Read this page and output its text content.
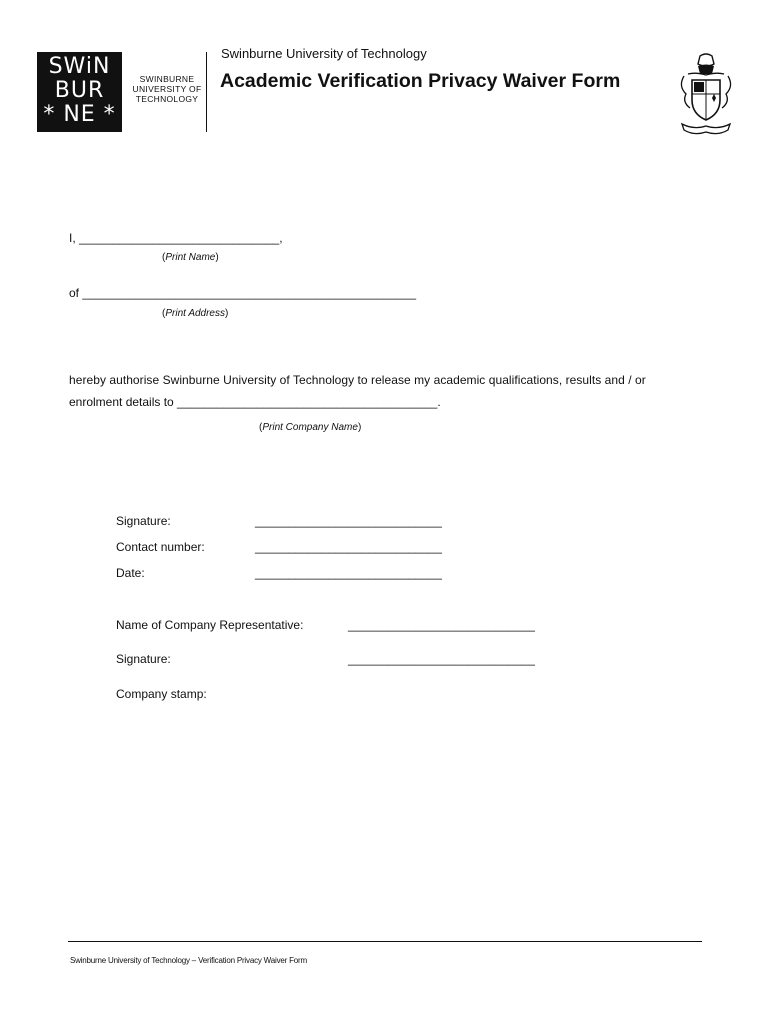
SWiN
BUR
* NE *
SWINBURNE
UNIVERSITY OF
TECHNOLOGY
Swinburne University of Technology
Academic Verification Privacy Waiver Form
I, ______________________________,
(Print Name)
of __________________________________________________
(Print Address)
hereby authorise Swinburne University of Technology to release my academic qualifications, results and / or
enrolment details to _______________________________________.
(Print Company Name)
Signature:	____________________________
Contact number:	____________________________
Date:	____________________________
Name of Company Representative:	____________________________
Signature:	____________________________
Company stamp:
Swinburne University of Technology – Verification Privacy Waiver Form
